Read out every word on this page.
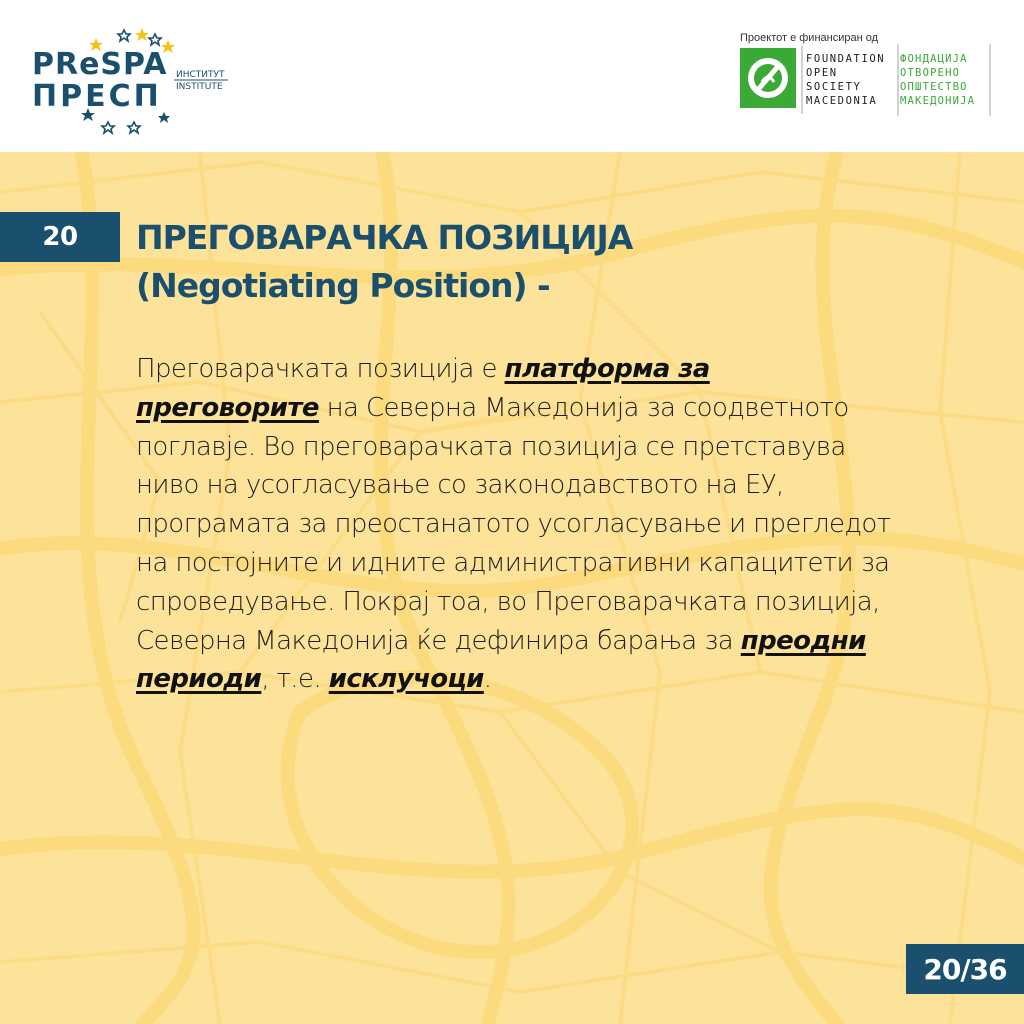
PReSPA
ПРЕСП
ИНСТИТУТ
INSTITUTE
Проектот е финансиран од
FOUNDATION
OPEN
SOCIETY
MACEDONIA
ФОНДАЦИЈА
ОТВОРЕНО
ОПШТЕСТВО
МАКЕДОНИЈА
20	ПРЕГОВАРАЧКА ПОЗИЦИЈА
(Negotiating Position) -
Преговарачката позиција е платформа за преговорите на Северна Македонија за соодветното поглавје. Во преговарачката позиција се претставува ниво на усогласување со законодавството на ЕУ, програмата за преостанатото усогласување и прегледот на постојните и идните административни капацитети за спроведување. Покрај тоа, во Преговарачката позиција, Северна Македонија ќе дефинира барања за преодни периоди, т.е. исклучоци.
20/36
